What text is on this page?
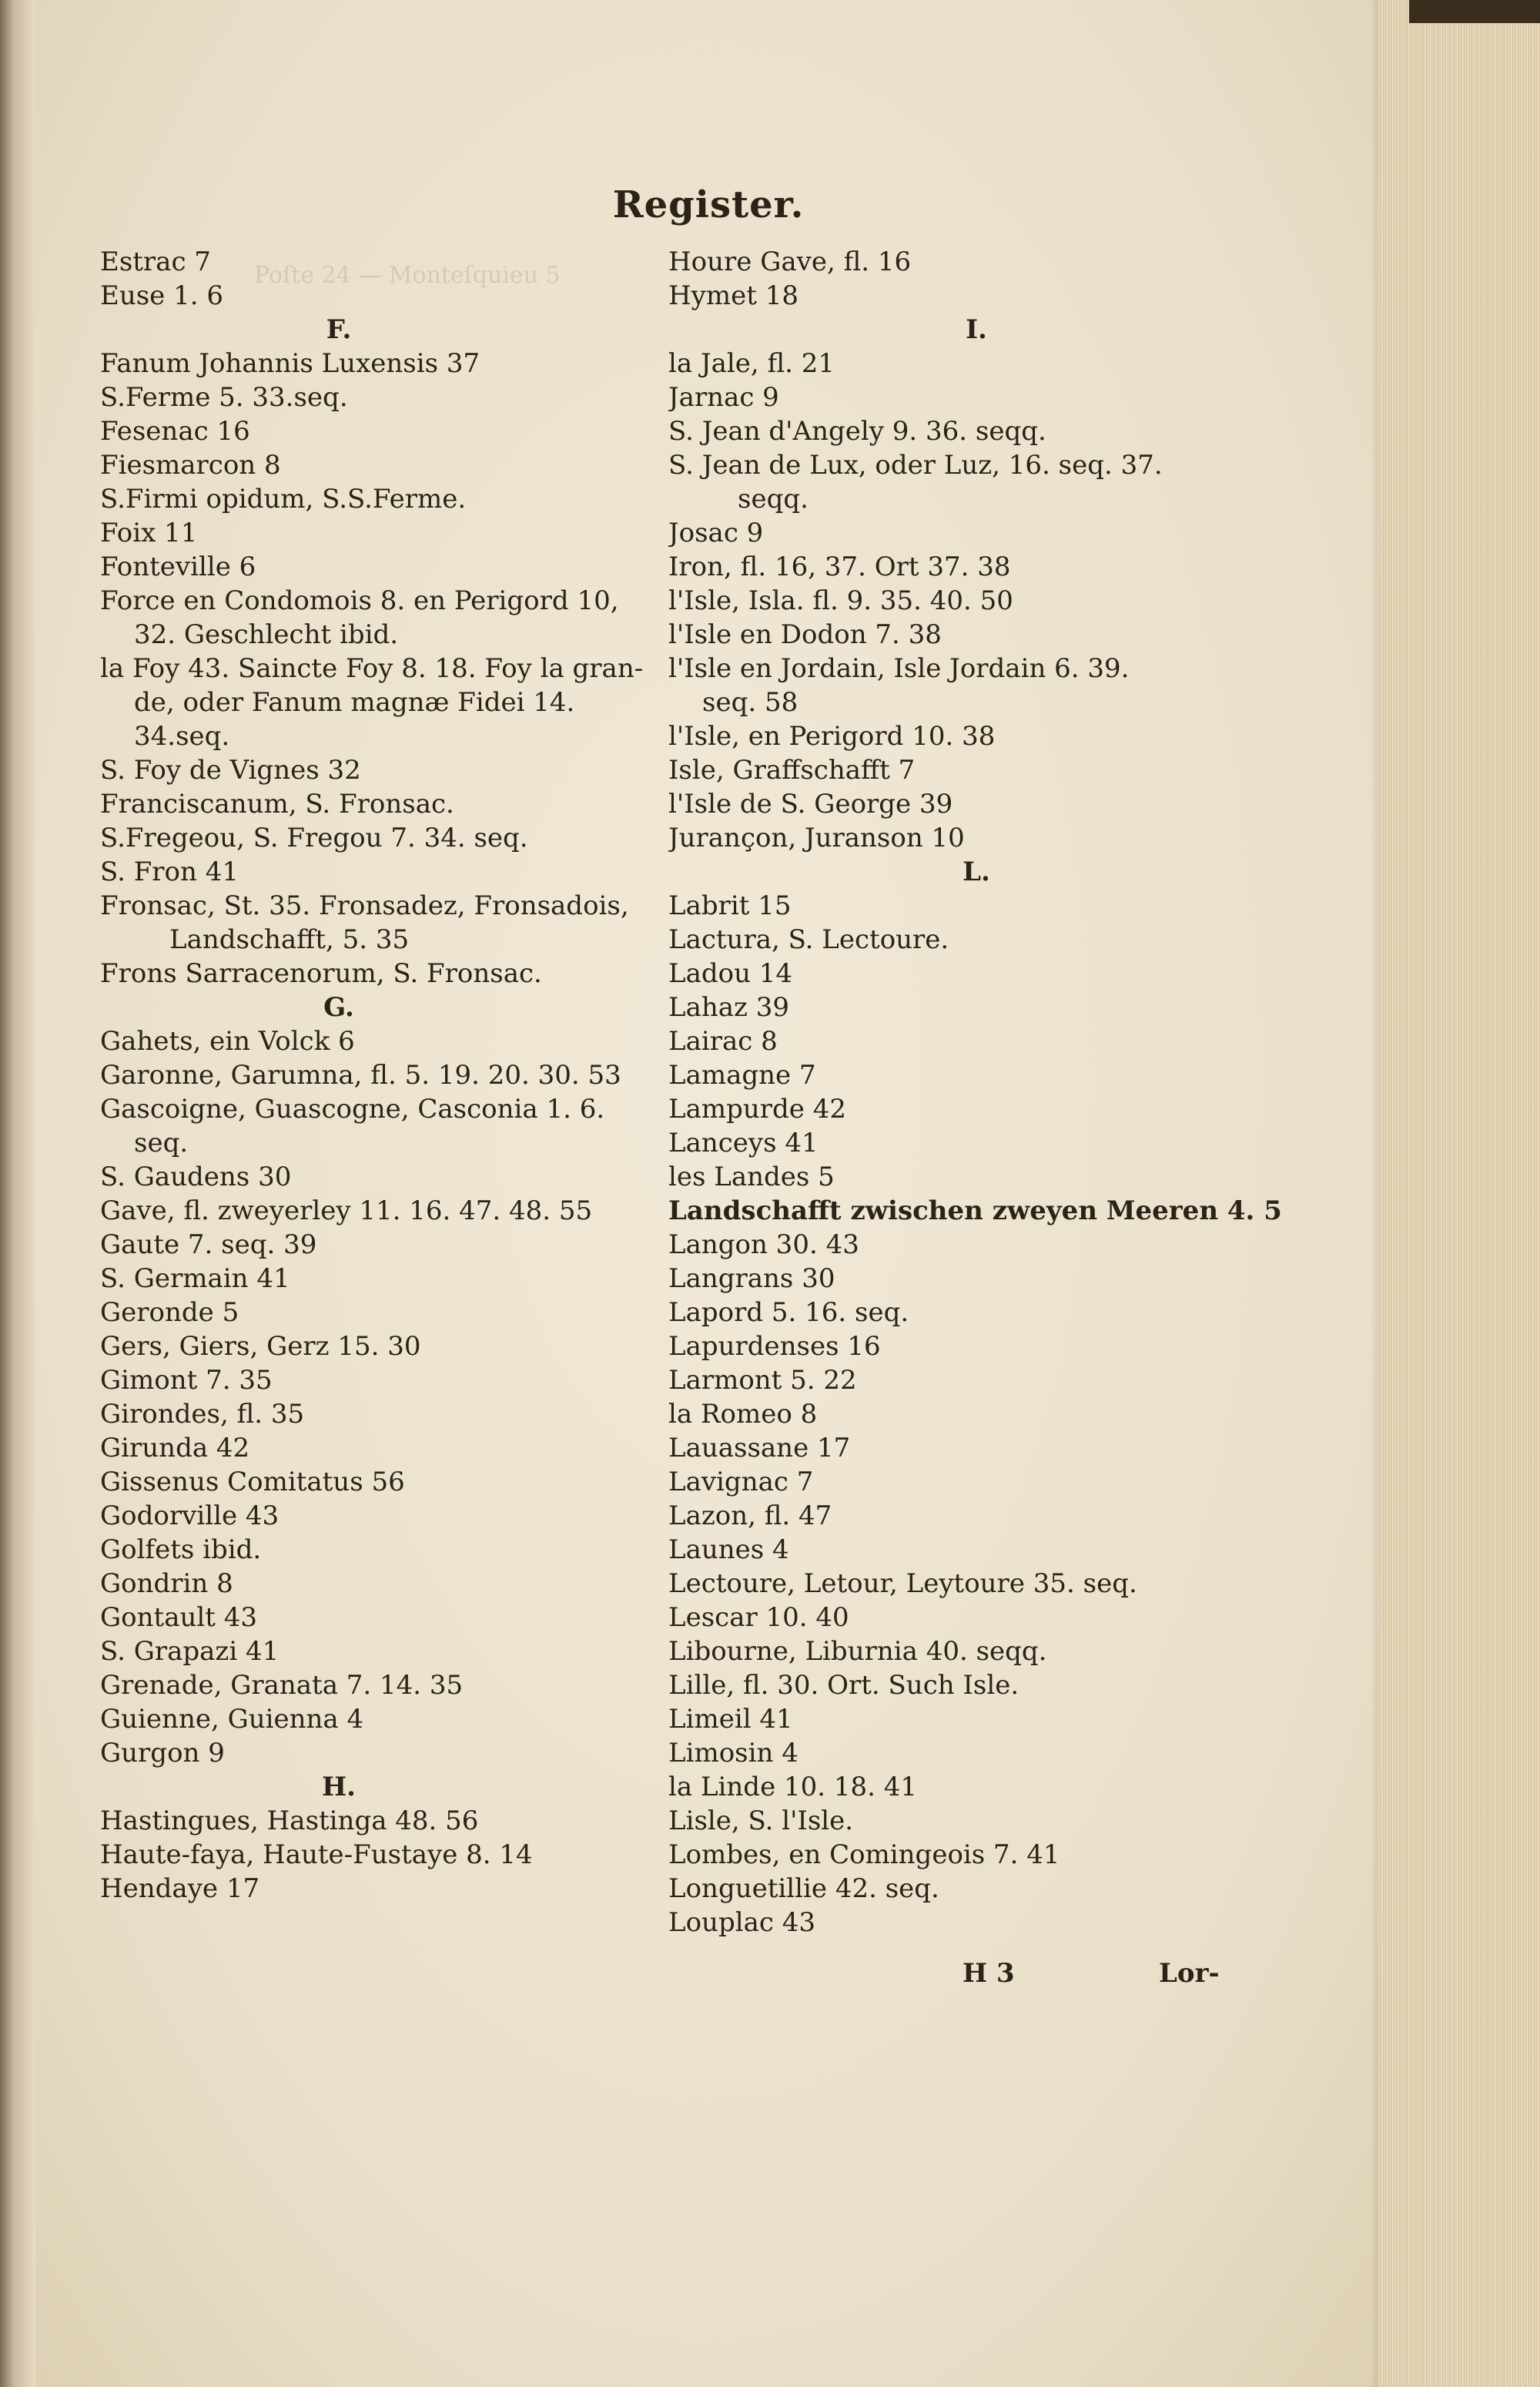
Poſte 24 — Monteſquieu 5
Register.
Estrac 7
Euse 1. 6
F.
Fanum Johannis Luxensis 37
S.Ferme 5. 33.seq.
Fesenac 16
Fiesmarcon 8
S.Firmi opidum, S.S.Ferme.
Foix 11
Fonteville 6
Force en Condomois 8. en Perigord 10,
32. Geschlecht ibid.
la Foy 43. Saincte Foy 8. 18. Foy la gran-
de, oder Fanum magnæ Fidei 14.
34.seq.
S. Foy de Vignes 32
Franciscanum, S. Fronsac.
S.Fregeou, S. Fregou 7. 34. seq.
S. Fron 41
Fronsac, St. 35. Fronsadez, Fronsadois,
Landschafft, 5. 35
Frons Sarracenorum, S. Fronsac.
G.
Gahets, ein Volck 6
Garonne, Garumna, fl. 5. 19. 20. 30. 53
Gascoigne, Guascogne, Casconia 1. 6.
seq.
S. Gaudens 30
Gave, fl. zweyerley 11. 16. 47. 48. 55
Gaute 7. seq. 39
S. Germain 41
Geronde 5
Gers, Giers, Gerz 15. 30
Gimont 7. 35
Girondes, fl. 35
Girunda 42
Gissenus Comitatus 56
Godorville 43
Golfets ibid.
Gondrin 8
Gontault 43
S. Grapazi 41
Grenade, Granata 7. 14. 35
Guienne, Guienna 4
Gurgon 9
H.
Hastingues, Hastinga 48. 56
Haute-faya, Haute-Fustaye 8. 14
Hendaye 17
Houre Gave, fl. 16
Hymet 18
I.
la Jale, fl. 21
Jarnac 9
S. Jean d'Angely 9. 36. seqq.
S. Jean de Lux, oder Luz, 16. seq. 37.
seqq.
Josac 9
Iron, fl. 16, 37. Ort 37. 38
l'Isle, Isla. fl. 9. 35. 40. 50
l'Isle en Dodon 7. 38
l'Isle en Jordain, Isle Jordain 6. 39.
seq. 58
l'Isle, en Perigord 10. 38
Isle, Graffschafft 7
l'Isle de S. George 39
Jurançon, Juranson 10
L.
Labrit 15
Lactura, S. Lectoure.
Ladou 14
Lahaz 39
Lairac 8
Lamagne 7
Lampurde 42
Lanceys 41
les Landes 5
Landschafft zwischen zweyen Meeren 4. 5
Langon 30. 43
Langrans 30
Lapord 5. 16. seq.
Lapurdenses 16
Larmont 5. 22
la Romeo 8
Lauassane 17
Lavignac 7
Lazon, fl. 47
Launes 4
Lectoure, Letour, Leytoure 35. seq.
Lescar 10. 40
Libourne, Liburnia 40. seqq.
Lille, fl. 30. Ort. Such Isle.
Limeil 41
Limosin 4
la Linde 10. 18. 41
Lisle, S. l'Isle.
Lombes, en Comingeois 7. 41
Longuetillie 42. seq.
Louplac 43
H 3	Lor-
